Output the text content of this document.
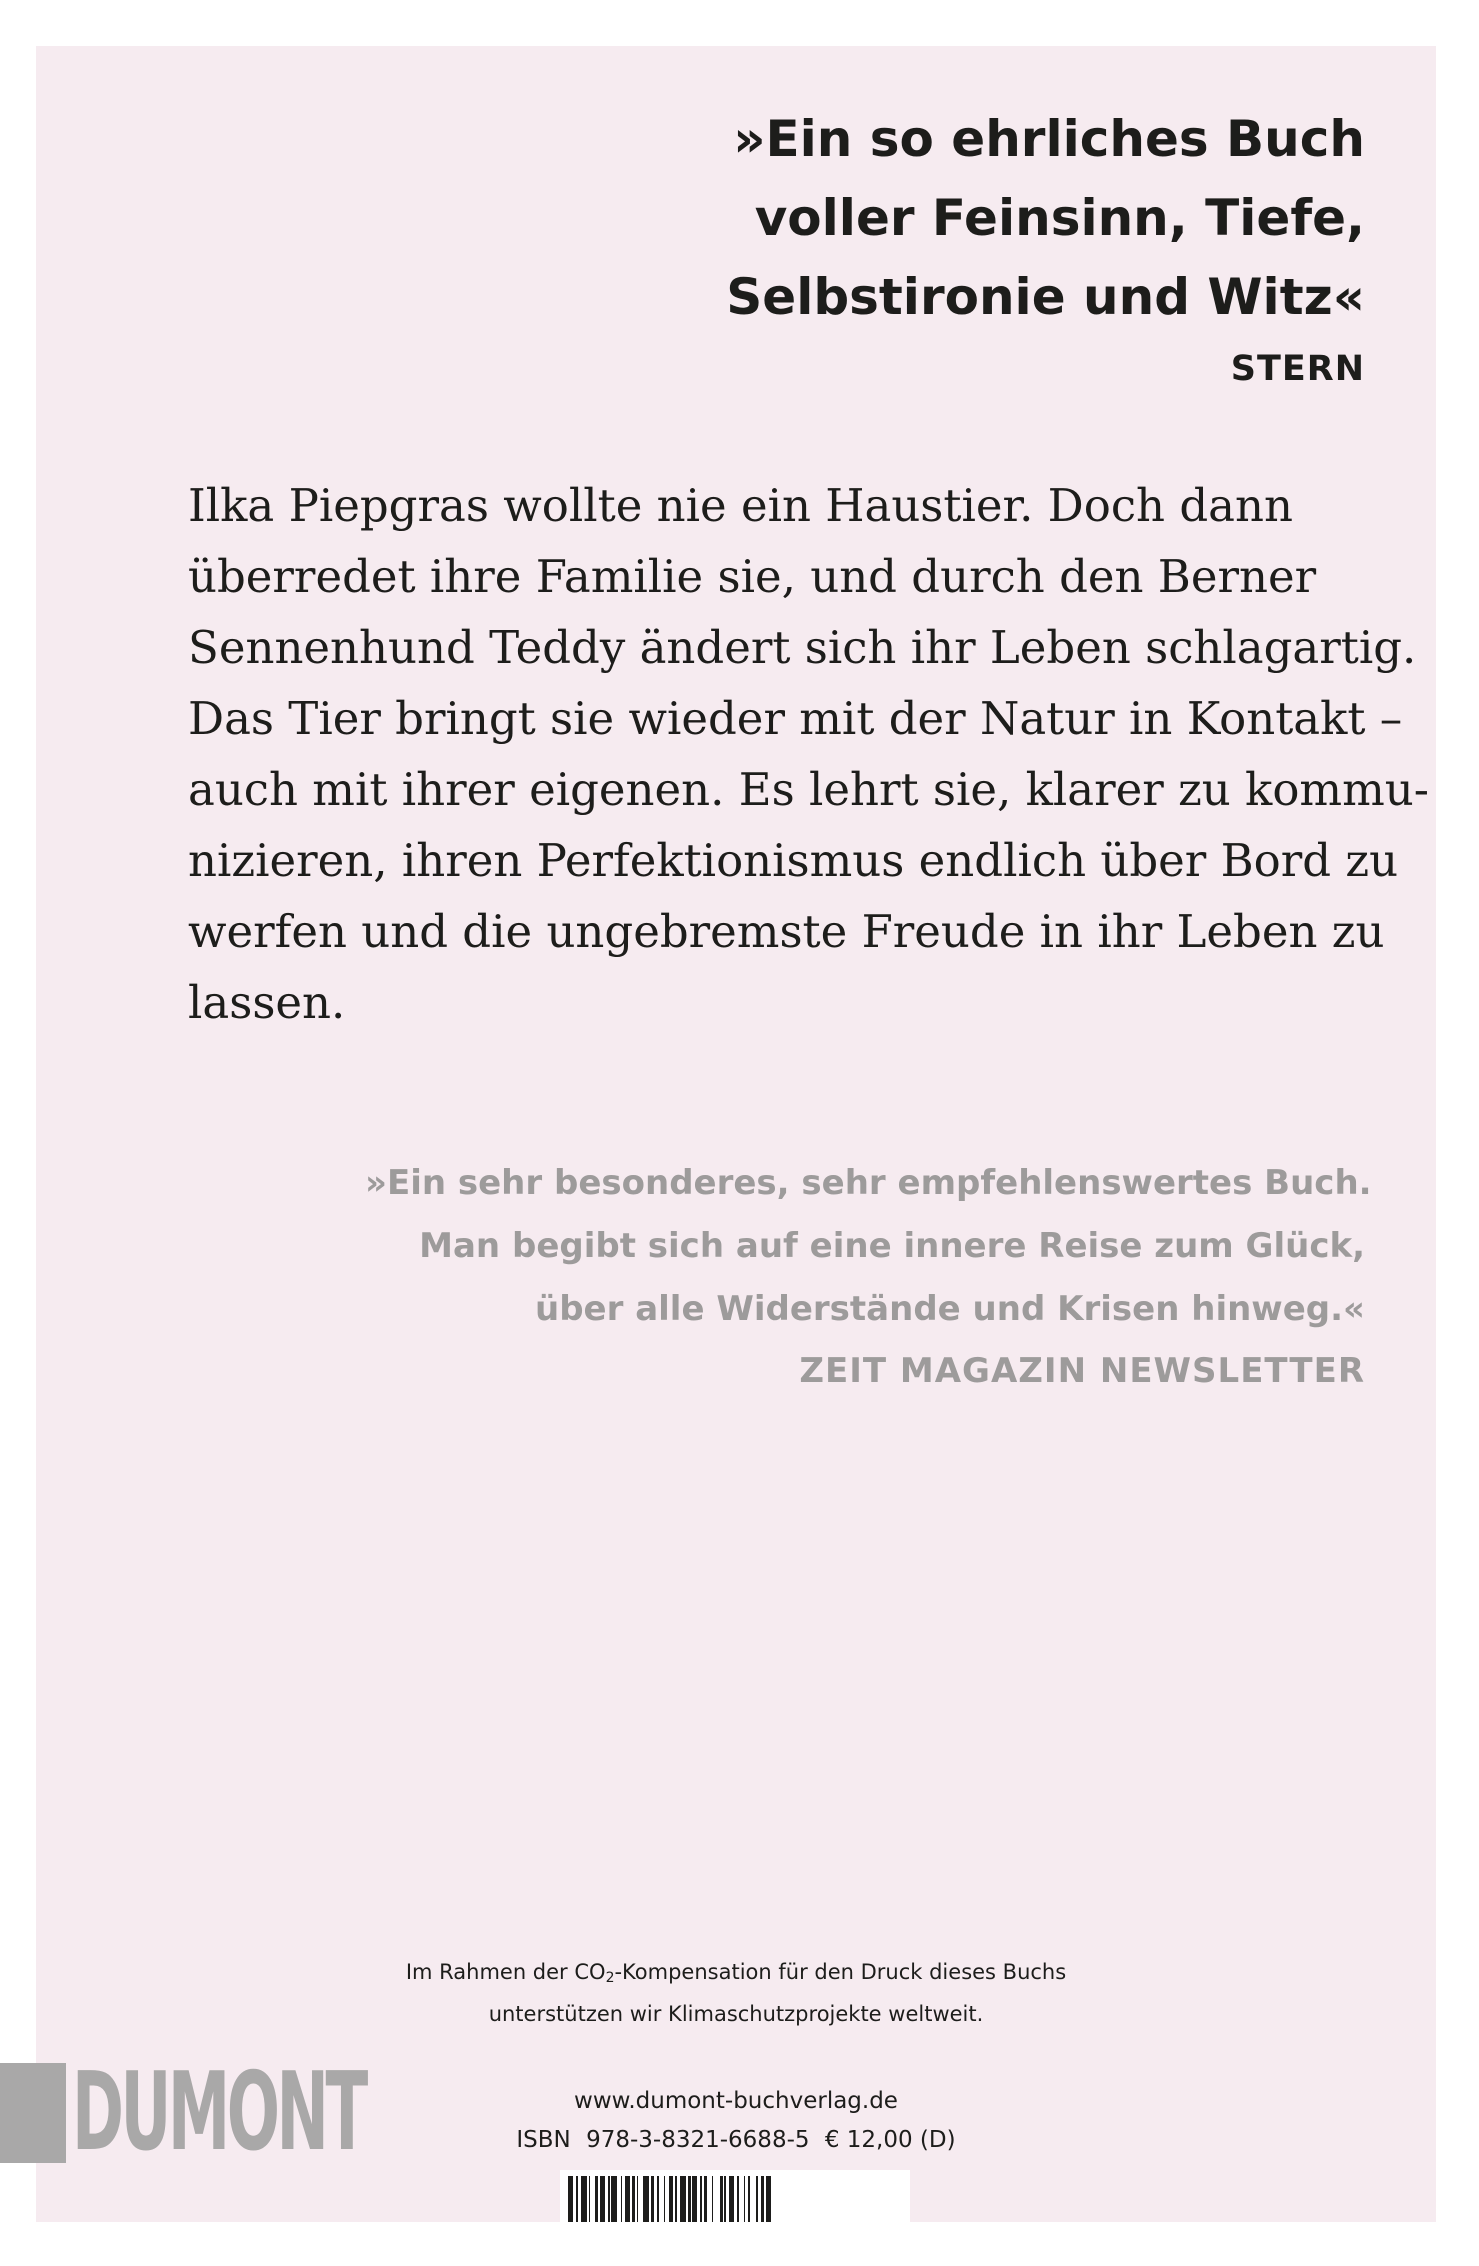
»Ein so ehrliches Buch
voller Feinsinn, Tiefe,
Selbstironie und Witz«
STERN
Ilka Piepgras wollte nie ein Haustier. Doch dann
überredet ihre Familie sie, und durch den Berner
Sennenhund Teddy ändert sich ihr Leben schlagartig.
Das Tier bringt sie wieder mit der Natur in Kontakt –
auch mit ihrer eigenen. Es lehrt sie, klarer zu kommu-
nizieren, ihren Perfektionismus endlich über Bord zu
werfen und die ungebremste Freude in ihr Leben zu
lassen.
»Ein sehr besonderes, sehr empfehlenswertes Buch.
Man begibt sich auf eine innere Reise zum Glück,
über alle Widerstände und Krisen hinweg.«
ZEIT MAGAZIN NEWSLETTER
Im Rahmen der $CO_2$-Kompensation für den Druck dieses Buchs
unterstützen wir Klimaschutzprojekte weltweit.
DUMONT	www.dumont-buchverlag.de
ISBN 978-3-8321-6688-5 € 12,00 (D)
